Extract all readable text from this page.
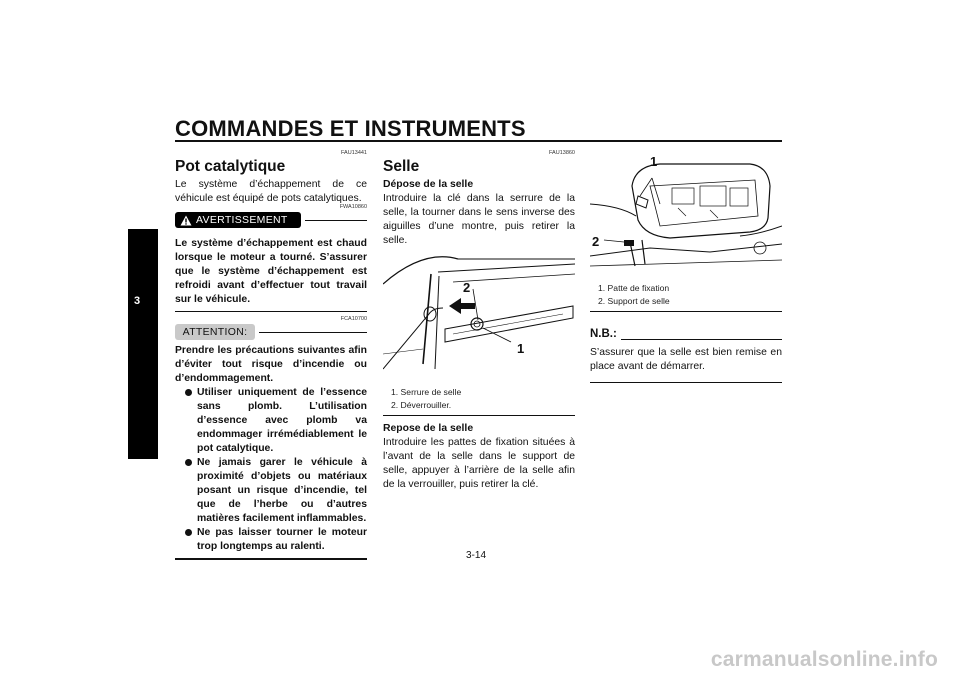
COMMANDES ET INSTRUMENTS
3
FAU13441
Pot catalytique

Le système d’échappement de ce véhicule est équipé de pots catalytiques.

AVERTISSEMENT
FWA10860

Le système d’échappement est chaud lorsque le moteur a tourné. S’assurer que le système d’échappement est refroidi avant d’effectuer tout travail sur le véhicule.

ATTENTION:
FCA10700

Prendre les précautions suivantes afin d’éviter tout risque d’incendie ou d’endommagement.

Utiliser uniquement de l’essence sans plomb. L’utilisation d’essence avec plomb va endommager irrémédiablement le pot catalytique.
Ne jamais garer le véhicule à proximité d’objets ou matériaux posant un risque d’incendie, tel que de l’herbe ou d’autres matières facilement inflammables.
Ne pas laisser tourner le moteur trop longtemps au ralenti.
FAU13860
Selle
Dépose de la selle

Introduire la clé dans la serrure de la selle, la tourner dans le sens inverse des aiguilles d’une montre, puis retirer la selle.

2
1
1. Serrure de selle
2. Déverrouiller.
Repose de la selle

Introduire les pattes de fixation situées à l’avant de la selle dans le support de selle, appuyer à l’arrière de la selle afin de la verrouiller, puis retirer la clé.

1
2
1. Patte de fixation
2. Support de selle
N.B.:

S’assurer que la selle est bien remise en place avant de démarrer.

3-14
carmanualsonline.info
